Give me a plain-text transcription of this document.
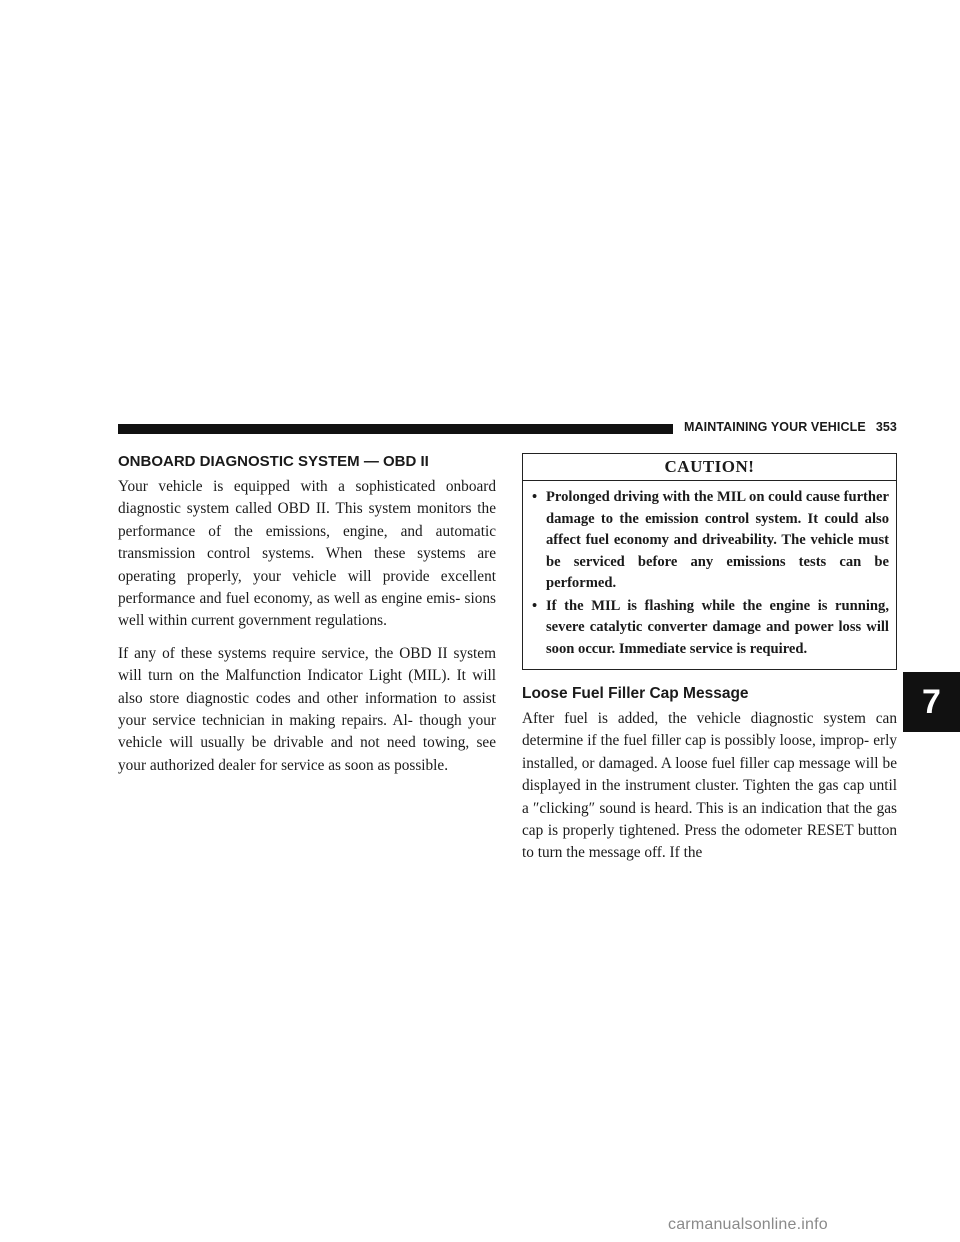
MAINTAINING YOUR VEHICLE 353
ONBOARD DIAGNOSTIC SYSTEM — OBD II

Your vehicle is equipped with a sophisticated onboard diagnostic system called OBD II. This system monitors the performance of the emissions, engine, and automatic transmission control systems. When these systems are operating properly, your vehicle will provide excellent performance and fuel economy, as well as engine emis- sions well within current government regulations.

If any of these systems require service, the OBD II system will turn on the Malfunction Indicator Light (MIL). It will also store diagnostic codes and other information to assist your service technician in making repairs. Al- though your vehicle will usually be drivable and not need towing, see your authorized dealer for service as soon as possible.

CAUTION!
• Prolonged driving with the MIL on could cause further damage to the emission control system. It could also affect fuel economy and driveability. The vehicle must be serviced before any emissions tests can be performed.
• If the MIL is flashing while the engine is running, severe catalytic converter damage and power loss will soon occur. Immediate service is required.
Loose Fuel Filler Cap Message

After fuel is added, the vehicle diagnostic system can determine if the fuel filler cap is possibly loose, improp- erly installed, or damaged. A loose fuel filler cap message will be displayed in the instrument cluster. Tighten the gas cap until a ″clicking″ sound is heard. This is an indication that the gas cap is properly tightened. Press the odometer RESET button to turn the message off. If the

7
carmanualsonline.info
